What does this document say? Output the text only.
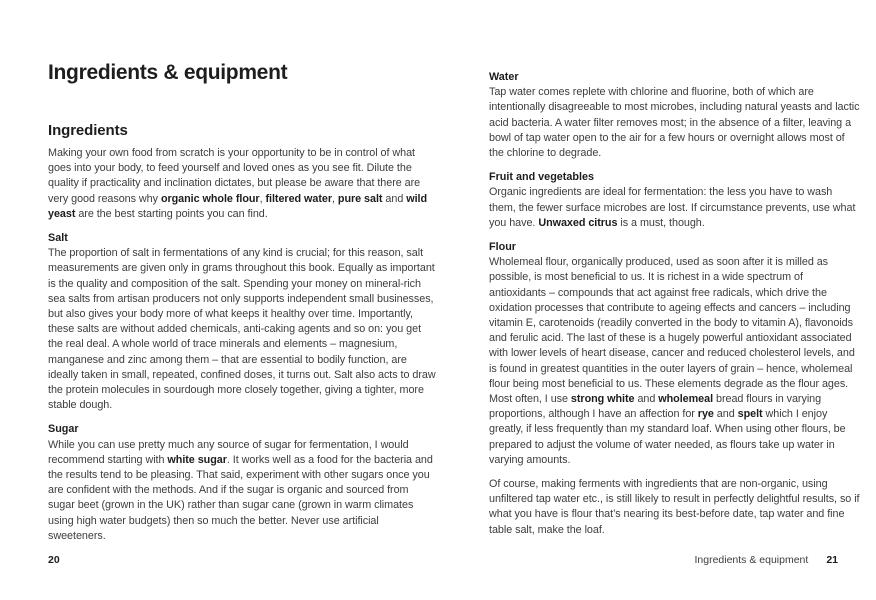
Ingredients & equipment
Ingredients

Making your own food from scratch is your opportunity to be in control of what goes into your body, to feed yourself and loved ones as you see fit. Dilute the quality if practicality and inclination dictates, but please be aware that there are very good reasons why organic whole flour, filtered water, pure salt and wild yeast are the best starting points you can find.

Salt

The proportion of salt in fermentations of any kind is crucial; for this reason, salt measurements are given only in grams throughout this book. Equally as important is the quality and composition of the salt. Spending your money on mineral-rich sea salts from artisan producers not only supports independent small businesses, but also gives your body more of what keeps it healthy over time. Importantly, these salts are without added chemicals, anti-caking agents and so on: you get the real deal. A whole world of trace minerals and elements – magnesium, manganese and zinc among them – that are essential to bodily function, are ideally taken in small, repeated, confined doses, it turns out. Salt also acts to draw the protein molecules in sourdough more closely together, giving a tighter, more stable dough.

Sugar

While you can use pretty much any source of sugar for fermentation, I would recommend starting with white sugar. It works well as a food for the bacteria and the results tend to be pleasing. That said, experiment with other sugars once you are confident with the methods. And if the sugar is organic and sourced from sugar beet (grown in the UK) rather than sugar cane (grown in warm climates using high water budgets) then so much the better. Never use artificial sweeteners.

Water

Tap water comes replete with chlorine and fluorine, both of which are intentionally disagreeable to most microbes, including natural yeasts and lactic acid bacteria. A water filter removes most; in the absence of a filter, leaving a bowl of tap water open to the air for a few hours or overnight allows most of the chlorine to degrade.

Fruit and vegetables

Organic ingredients are ideal for fermentation: the less you have to wash them, the fewer surface microbes are lost. If circumstance prevents, use what you have. Unwaxed citrus is a must, though.

Flour

Wholemeal flour, organically produced, used as soon after it is milled as possible, is most beneficial to us. It is richest in a wide spectrum of antioxidants – compounds that act against free radicals, which drive the oxidation processes that contribute to ageing effects and cancers – including vitamin E, carotenoids (readily converted in the body to vitamin A), flavonoids and ferulic acid. The last of these is a hugely powerful antioxidant associated with lower levels of heart disease, cancer and reduced cholesterol levels, and is found in greatest quantities in the outer layers of grain – hence, wholemeal flour being most beneficial to us. These elements degrade as the flour ages. Most often, I use strong white and wholemeal bread flours in varying proportions, although I have an affection for rye and spelt which I enjoy greatly, if less frequently than my standard loaf. When using other flours, be prepared to adjust the volume of water needed, as flours take up water in varying amounts.

Of course, making ferments with ingredients that are non-organic, using unfiltered tap water etc., is still likely to result in perfectly delightful results, so if what you have is flour that’s nearing its best-before date, tap water and fine table salt, make the loaf.

20	Ingredients & equipment 21
